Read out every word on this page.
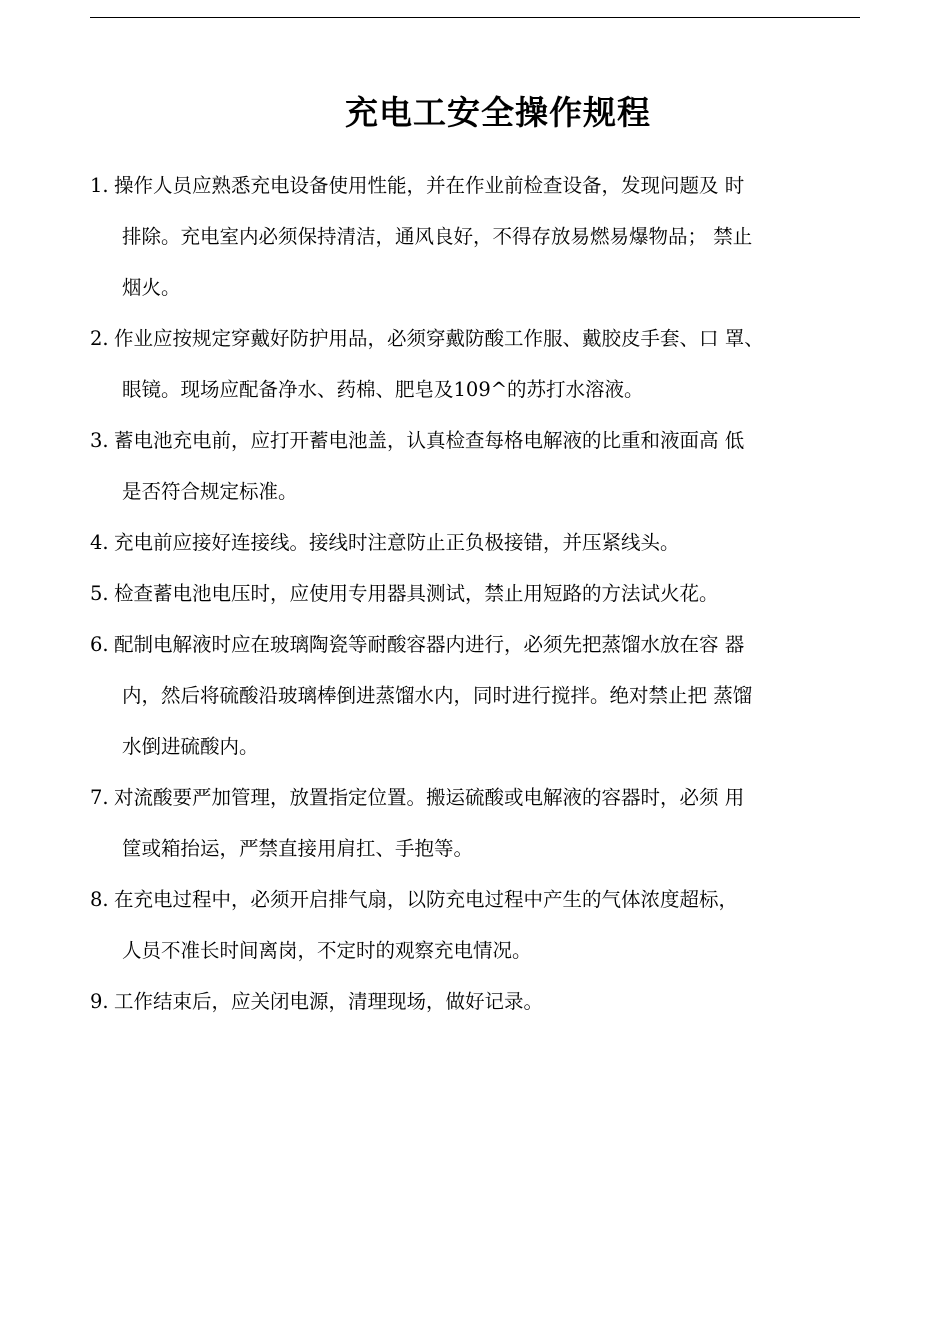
充电工安全操作规程
1. 操作人员应熟悉充电设备使用性能，并在作业前检查设备，发现问题及 时
排除。充电室内必须保持清洁，通风良好，不得存放易燃易爆物品； 禁止
烟火。
2. 作业应按规定穿戴好防护用品，必须穿戴防酸工作服、戴胶皮手套、口 罩、
眼镜。现场应配备净水、药棉、肥皂及109^的苏打水溶液。
3. 蓄电池充电前，应打开蓄电池盖，认真检查每格电解液的比重和液面高 低
是否符合规定标准。
4. 充电前应接好连接线。接线时注意防止正负极接错，并压紧线头。
5. 检查蓄电池电压时，应使用专用器具测试，禁止用短路的方法试火花。
6. 配制电解液时应在玻璃陶瓷等耐酸容器内进行，必须先把蒸馏水放在容 器
内，然后将硫酸沿玻璃棒倒进蒸馏水内，同时进行搅拌。绝对禁止把 蒸馏
水倒进硫酸内。
7. 对流酸要严加管理，放置指定位置。搬运硫酸或电解液的容器时，必须 用
筐或箱抬运，严禁直接用肩扛、手抱等。
8. 在充电过程中，必须开启排气扇，以防充电过程中产生的气体浓度超标，
人员不准长时间离岗，不定时的观察充电情况。
9. 工作结束后，应关闭电源，清理现场，做好记录。
